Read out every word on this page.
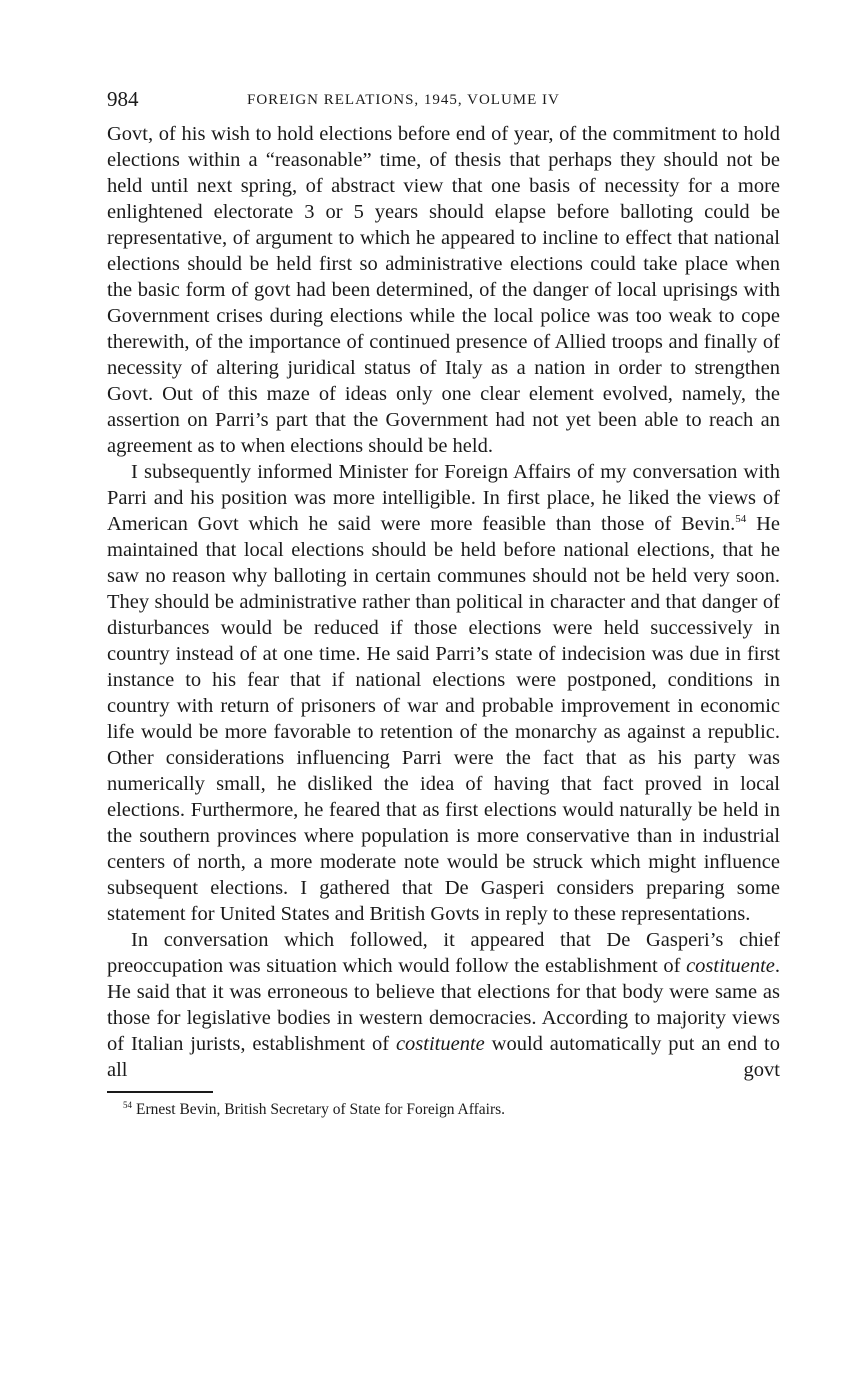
984	FOREIGN RELATIONS, 1945, VOLUME IV

Govt, of his wish to hold elections before end of year, of the commitment to hold elections within a “reasonable” time, of thesis that perhaps they should not be held until next spring, of abstract view that one basis of necessity for a more enlightened electorate 3 or 5 years should elapse before balloting could be representative, of argument to which he appeared to incline to effect that national elections should be held first so administrative elections could take place when the basic form of govt had been determined, of the danger of local uprisings with Government crises during elections while the local police was too weak to cope therewith, of the importance of continued presence of Allied troops and finally of necessity of altering juridical status of Italy as a nation in order to strengthen Govt. Out of this maze of ideas only one clear element evolved, namely, the assertion on Parri’s part that the Government had not yet been able to reach an agreement as to when elections should be held.

I subsequently informed Minister for Foreign Affairs of my conversation with Parri and his position was more intelligible. In first place, he liked the views of American Govt which he said were more feasible than those of Bevin.$^{54}$ He maintained that local elections should be held before national elections, that he saw no reason why balloting in certain communes should not be held very soon. They should be administrative rather than political in character and that danger of disturbances would be reduced if those elections were held successively in country instead of at one time. He said Parri’s state of indecision was due in first instance to his fear that if national elections were postponed, conditions in country with return of prisoners of war and probable improvement in economic life would be more favorable to retention of the monarchy as against a republic. Other considerations influencing Parri were the fact that as his party was numerically small, he disliked the idea of having that fact proved in local elections. Furthermore, he feared that as first elections would naturally be held in the southern provinces where population is more conservative than in industrial centers of north, a more moderate note would be struck which might influence subsequent elections. I gathered that De Gasperi considers preparing some statement for United States and British Govts in reply to these representations.

In conversation which followed, it appeared that De Gasperi’s chief preoccupation was situation which would follow the establishment of costituente. He said that it was erroneous to believe that elections for that body were same as those for legislative bodies in western democracies. According to majority views of Italian jurists, establishment of costituente would automatically put an end to all govt

$^{54}$ Ernest Bevin, British Secretary of State for Foreign Affairs.
